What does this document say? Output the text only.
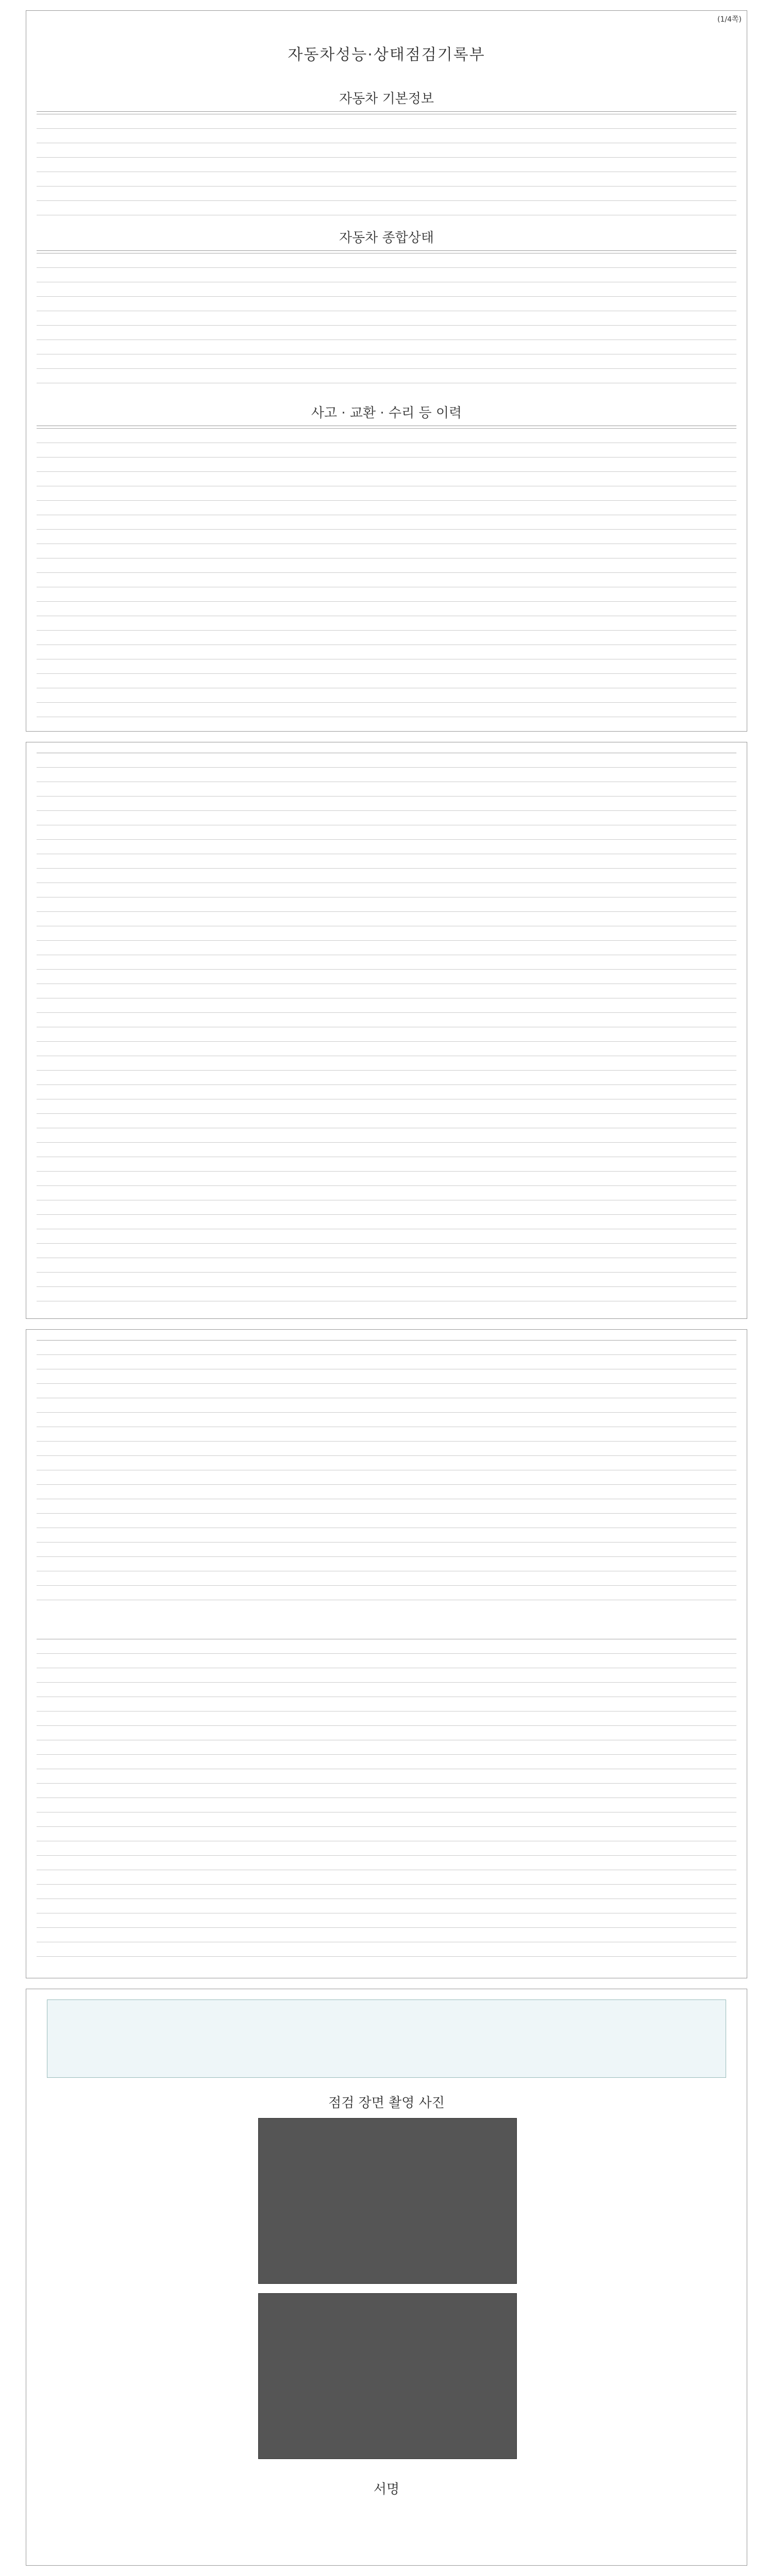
(1/4쪽)
자동차성능·상태점검기록부
자동차 기본정보
자동차 종합상태
사고 · 교환 · 수리 등 이력
점검 장면 촬영 사진
서명
